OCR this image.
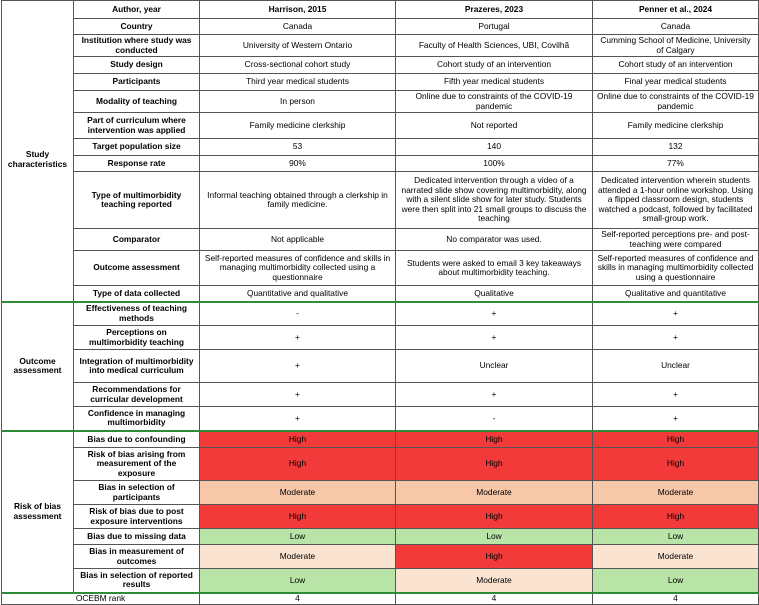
	Author, year	Harrison, 2015	Prazeres, 2023	Penner et al., 2024
Study characteristics	Country	Canada	Portugal	Canada
	Institution where study was conducted	University of Western Ontario	Faculty of Health Sciences, UBI, Covilhã	Cumming School of Medicine, University of Calgary
	Study design	Cross-sectional cohort study	Cohort study of an intervention	Cohort study of an intervention
	Participants	Third year medical students	Fifth year medical students	Final year medical students
	Modality of teaching	In person	Online due to constraints of the COVID-19 pandemic	Online due to constraints of the COVID-19 pandemic
	Part of curriculum where intervention was applied	Family medicine clerkship	Not reported	Family medicine clerkship
	Target population size	53	140	132
	Response rate	90%	100%	77%
	Type of multimorbidity teaching reported	Informal teaching obtained through a clerkship in family medicine.	Dedicated intervention through a video of a narrated slide show covering multimorbidity, along with a silent slide show for later study. Students were then split into 21 small groups to discuss the teaching	Dedicated intervention wherein students attended a 1-hour online workshop. Using a flipped classroom design, students watched a podcast, followed by facilitated small-group work.
	Comparator	Not applicable	No comparator was used.	Self-reported perceptions pre- and post-teaching were compared
	Outcome assessment	Self-reported measures of confidence and skills in managing multimorbidity collected using a questionnaire	Students were asked to email 3 key takeaways about multimorbidity teaching.	Self-reported measures of confidence and skills in managing multimorbidity collected using a questionnaire
	Type of data collected	Quantitative and qualitative	Qualitative	Qualitative and quantitative
Outcome assessment	Effectiveness of teaching methods	-	+	+
	Perceptions on multimorbidity teaching	+	+	+
	Integration of multimorbidity into medical curriculum	+	Unclear	Unclear
	Recommendations for curricular development	+	+	+
	Confidence in managing multimorbidity	+	-	+
Risk of bias assessment	Bias due to confounding	High	High	High
	Risk of bias arising from measurement of the exposure	High	High	High
	Bias in selection of participants	Moderate	Moderate	Moderate
	Risk of bias due to post exposure interventions	High	High	High
	Bias due to missing data	Low	Low	Low
	Bias in measurement of outcomes	Moderate	High	Moderate
	Bias in selection of reported results	Low	Moderate	Low
OCEBM rank		4	4	4
